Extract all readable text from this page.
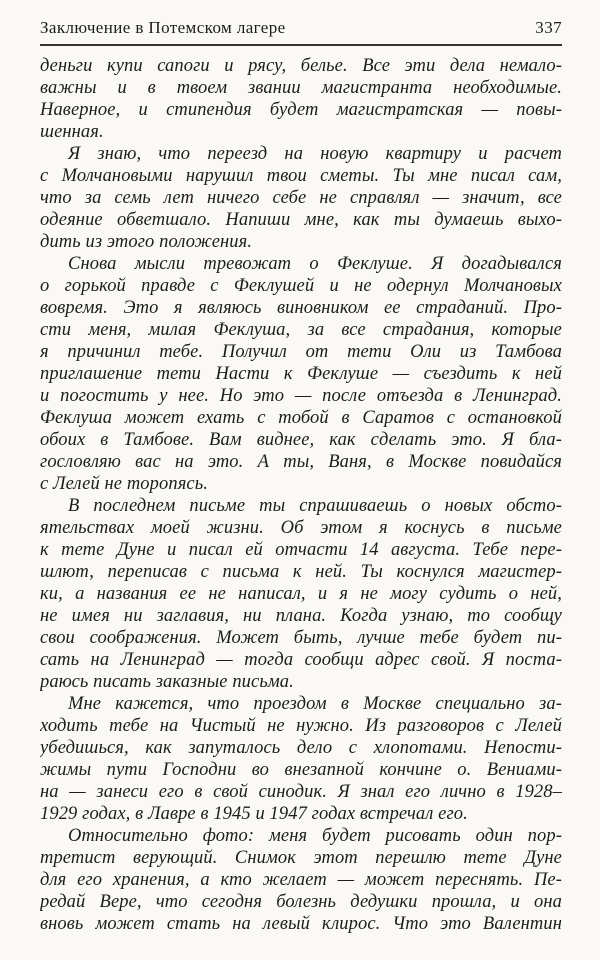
Заключение в Потемском лагере	337
деньги купи сапоги и рясу, белье. Все эти дела немало-
важны и в твоем звании магистранта необходимые.
Наверное, и стипендия будет магистратская — повы-
шенная.
Я знаю, что переезд на новую квартиру и расчет
с Молчановыми нарушил твои сметы. Ты мне писал сам,
что за семь лет ничего себе не справлял — значит, все
одеяние обветшало. Напиши мне, как ты думаешь выхо-
дить из этого положения.
Снова мысли тревожат о Феклуше. Я догадывался
о горькой правде с Феклушей и не одернул Молчановых
вовремя. Это я являюсь виновником ее страданий. Про-
сти меня, милая Феклуша, за все страдания, которые
я причинил тебе. Получил от тети Оли из Тамбова
приглашение тети Насти к Феклуше — съездить к ней
и погостить у нее. Но это — после отъезда в Ленинград.
Феклуша может ехать с тобой в Саратов с остановкой
обоих в Тамбове. Вам виднее, как сделать это. Я бла-
гословляю вас на это. А ты, Ваня, в Москве повидайся
с Лелей не торопясь.
В последнем письме ты спрашиваешь о новых обсто-
ятельствах моей жизни. Об этом я коснусь в письме
к тете Дуне и писал ей отчасти 14 августа. Тебе пере-
шлют, переписав с письма к ней. Ты коснулся магистер-
ки, а названия ее не написал, и я не могу судить о ней,
не имея ни заглавия, ни плана. Когда узнаю, то сообщу
свои соображения. Может быть, лучше тебе будет пи-
сать на Ленинград — тогда сообщи адрес свой. Я поста-
раюсь писать заказные письма.
Мне кажется, что проездом в Москве специально за-
ходить тебе на Чистый не нужно. Из разговоров с Лелей
убедишься, как запуталось дело с хлопотами. Непости-
жимы пути Господни во внезапной кончине о. Вениами-
на — занеси его в свой синодик. Я знал его лично в 1928–
1929 годах, в Лавре в 1945 и 1947 годах встречал его.
Относительно фото: меня будет рисовать один пор-
третист верующий. Снимок этот перешлю тете Дуне
для его хранения, а кто желает — может переснять. Пе-
редай Вере, что сегодня болезнь дедушки прошла, и она
вновь может стать на левый клирос. Что это Валентин
